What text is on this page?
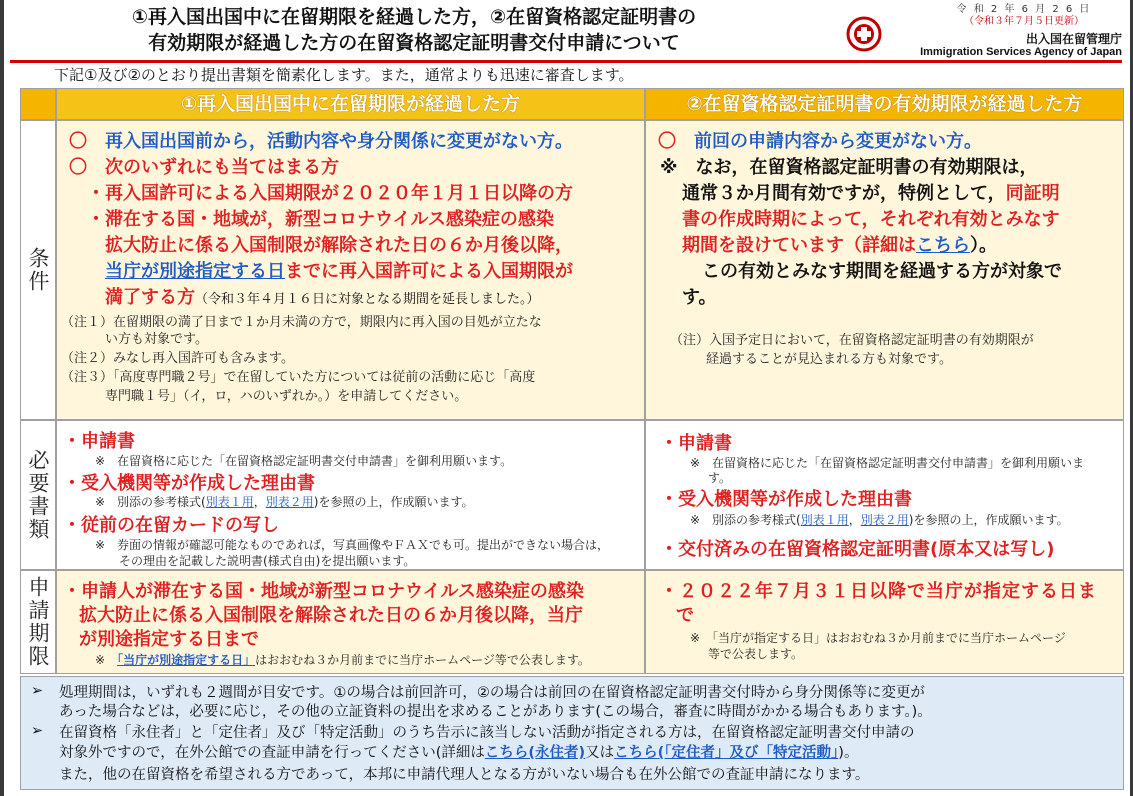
①再入国出国中に在留期限を経過した方，②在留資格認定証明書の
有効期限が経過した方の在留資格認定証明書交付申請について
令 和 2 年 6 月 2 6 日
（令和３年７月５日更新）
出入国在留管理庁
Immigration Services Agency of Japan
下記①及び②のとおり提出書類を簡素化します。また，通常よりも迅速に審査します。
①再入国出国中に在留期限が経過した方	②在留資格認定証明書の有効期限が経過した方
条件
〇　 再入国出国前から，活動内容や身分関係に変更がない方。
〇　 次のいずれにも当てはまる方
・再入国許可による入国期限が２０２０年１月１日以降の方
・滞在する国・地域が，新型コロナウイルス感染症の感染
拡大防止に係る入国制限が解除された日の６か月後以降，
当庁が別途指定する日までに再入国許可による入国期限が
満了する方（令和３年４月１６日に対象となる期間を延長しました。）
（注１）在留期限の満了日まで１か月未満の方で，期限内に再入国の目処が立たな
い方も対象です。
（注２）みなし再入国許可も含みます。
（注３）「高度専門職２号」で在留していた方については従前の活動に応じ「高度
専門職１号」（イ，ロ，ハのいずれか。）を申請してください。
〇　 前回の申請内容から変更がない方。
※　なお，在留資格認定証明書の有効期限は，
通常３か月間有効ですが，特例として，同証明
書の作成時期によって，それぞれ有効とみなす
期間を設けています（詳細はこちら）。
この有効とみなす期間を経過する方が対象で
す。
（注）入国予定日において，在留資格認定証明書の有効期限が
経過することが見込まれる方も対象です。
必要書類
・申請書
※　在留資格に応じた「在留資格認定証明書交付申請書」を御利用願います。
・受入機関等が作成した理由書
※　別添の参考様式(別表１用，別表２用)を参照の上，作成願います。
・従前の在留カードの写し
※　券面の情報が確認可能なものであれば，写真画像やＦＡＸでも可。提出ができない場合は，
その理由を記載した説明書(様式自由)を提出願います。
・申請書
※　在留資格に応じた「在留資格認定証明書交付申請書」を御利用願いま
す。
・受入機関等が作成した理由書
※　別添の参考様式(別表１用，別表２用)を参照の上，作成願います。
・交付済みの在留資格認定証明書(原本又は写し)
申請期限 ・申請人が滞在する国・地域が新型コロナウイルス感染症の感染
拡大防止に係る入国制限を解除された日の６か月後以降，当庁
が別途指定する日まで
※　「当庁が別途指定する日」はおおむね３か月前までに当庁ホームページ等で公表します。
・２０２２年７月３１日以降で当庁が指定する日ま
で
※　「当庁が指定する日」はおおむね３か月前までに当庁ホームページ
等で公表します。
➢ 処理期間は，いずれも２週間が目安です。①の場合は前回許可，②の場合は前回の在留資格認定証明書交付時から身分関係等に変更が
あった場合などは，必要に応じ，その他の立証資料の提出を求めることがあります(この場合，審査に時間がかかる場合もあります。)。
➢ 在留資格「永住者」と「定住者」及び「特定活動」のうち告示に該当しない活動が指定される方は，在留資格認定証明書交付申請の
対象外ですので，在外公館での査証申請を行ってください(詳細はこちら(永住者)又はこちら(「定住者」及び「特定活動」)。
また，他の在留資格を希望される方であって，本邦に申請代理人となる方がいない場合も在外公館での査証申請になります。
